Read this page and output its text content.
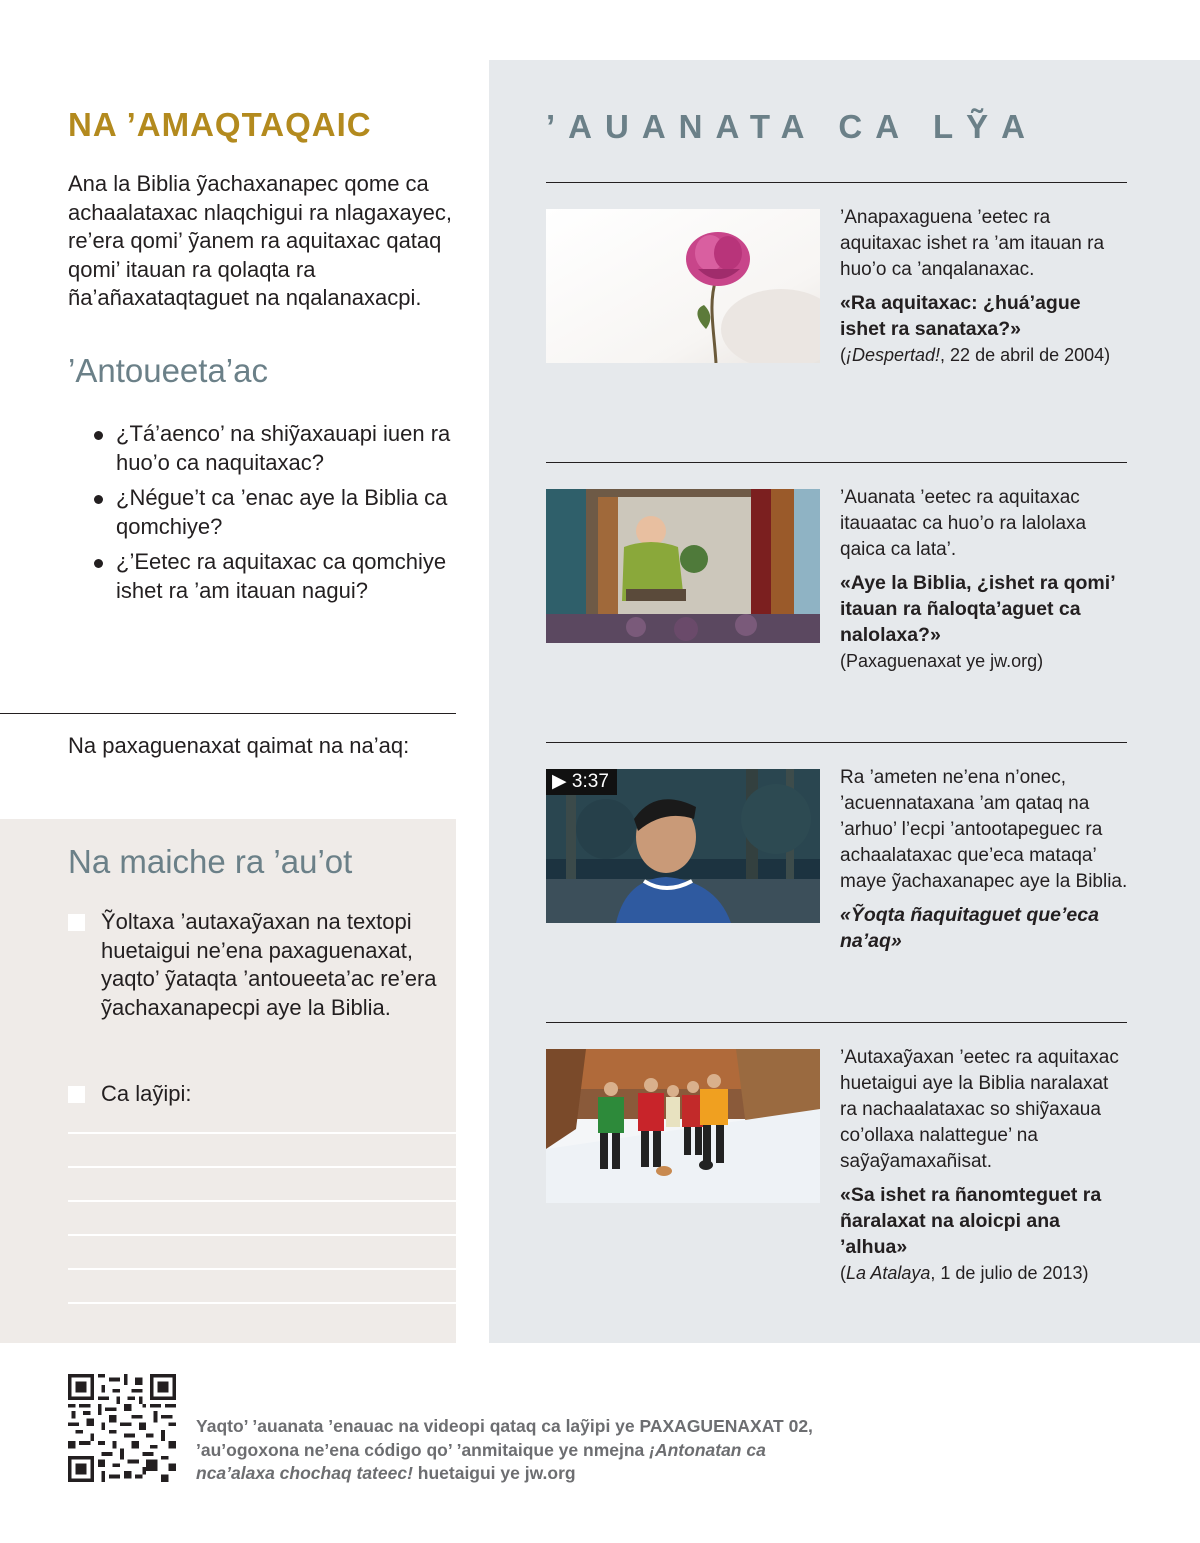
NA ’AMAQTAQAIC

Ana la Biblia ỹachaxanapec qome ca achaalataxac nlaqchigui ra nlagaxayec, re’era qomi’ ỹanem ra aquitaxac qataq qomi’ itauan ra qolaqta ra ña’añaxataqtaguet na nqalanaxacpi.

’Antoueeta’ac
¿Tá’aenco’ na shiỹaxauapi iuen ra huo’o ca naquitaxac?
¿Négue’t ca ’enac aye la Biblia ca qomchiye?
¿’Eetec ra aquitaxac ca qomchiye ishet ra ’am itauan nagui?

Na paxaguenaxat qaimat na na’aq:

Na maiche ra ’au’ot
Ỹoltaxa ’autaxaỹaxan na textopi huetaigui ne’ena paxaguenaxat, yaqto’ ỹataqta ’antoueeta’ac re’era ỹachaxanapecpi aye la Biblia.
Ca laỹipi:
’AUANATA CA LỸA

’Anapaxaguena ’eetec ra aquitaxac ishet ra ’am itauan ra huo’o ca ’anqalanaxac.

«Ra aquitaxac: ¿huá’ague ishet ra sanataxa?»

(¡Despertad!, 22 de abril de 2004)

’Auanata ’eetec ra aquitaxac itauaatac ca huo’o ra lalolaxa qaica ca lata’.

«Aye la Biblia, ¿ishet ra qomi’ itauan ra ñaloqta’aguet ca nalolaxa?»

(Paxaguenaxat ye jw.org)

▶ 3:37	Ra ’ameten ne’ena n’onec, ’acuennataxana ’am qataq na ’arhuo’ l’ecpi ’antootapeguec ra achaalataxac que’eca mataqa’ maye ỹachaxanapec aye la Biblia.

«Ỹoqta ñaquitaguet que’eca na’aq»

’Autaxaỹaxan ’eetec ra aquitaxac huetaigui aye la Biblia naralaxat ra nachaalataxac so shiỹaxaua co’ollaxa nalattegue’ na saỹaỹamaxañisat.

«Sa ishet ra ñanomteguet ra ñaralaxat na aloicpi ana ’alhua»

(La Atalaya, 1 de julio de 2013)

Yaqto’ ’auanata ’enauac na videopi qataq ca laỹipi ye PAXAGUENAXAT 02, ’au’ogoxona ne’ena código qo’ ’anmitaique ye nmejna ¡Antonatan ca nca’alaxa chochaq tateec! huetaigui ye jw.org
